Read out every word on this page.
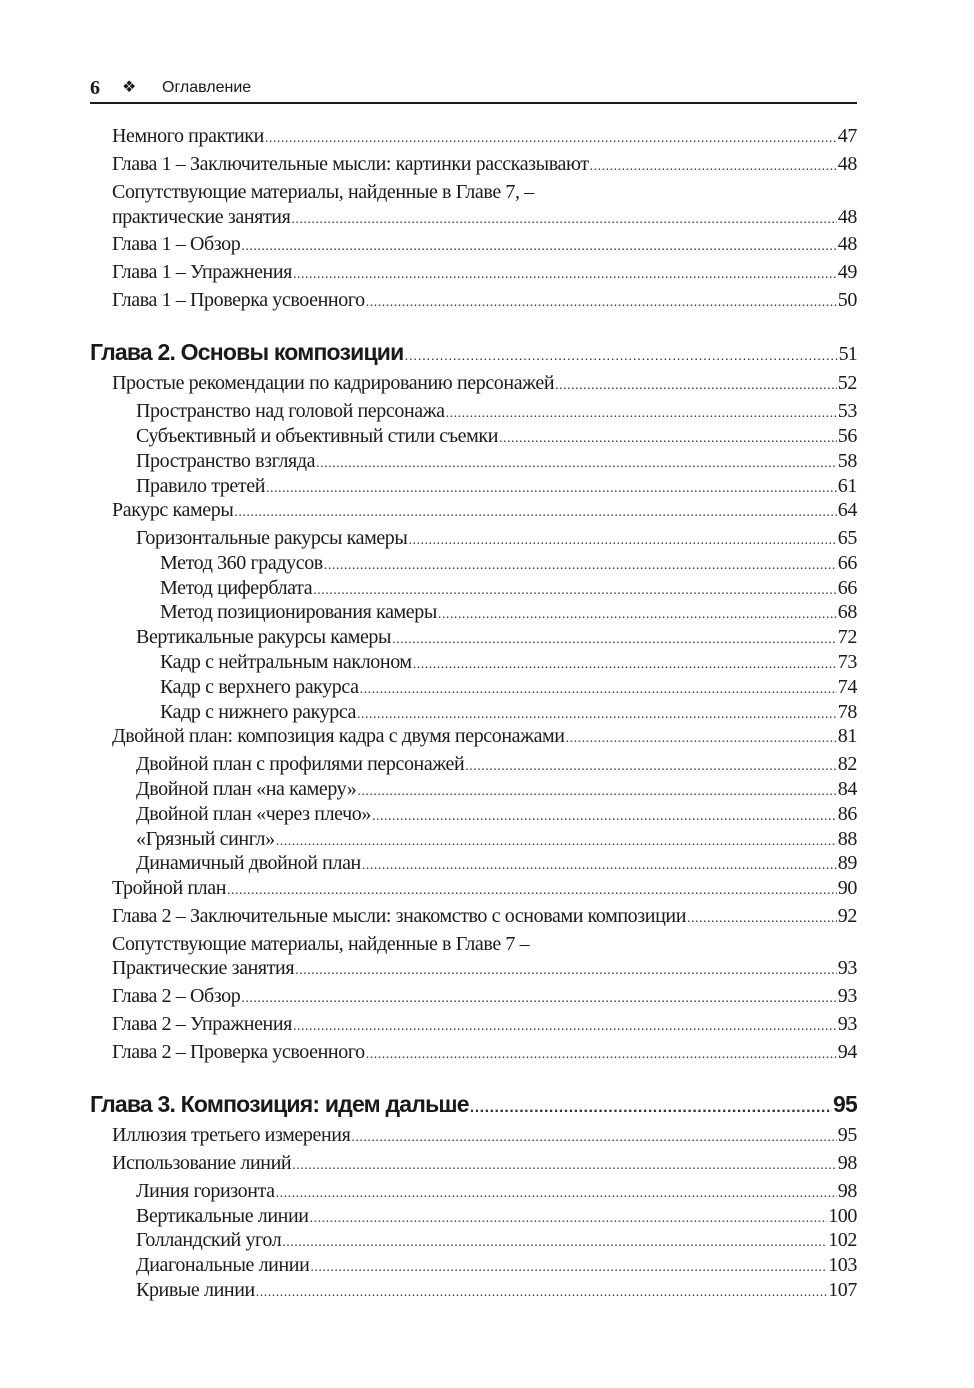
6 ❖ Оглавление
Немного практики .....	47
Глава 1 – Заключительные мысли: картинки рассказывают .....	48
Сопутствующие материалы, найденные в Главе 7, –
практические занятия .....	48
Глава 1 – Обзор .....	48
Глава 1 – Упражнения .....	49
Глава 1 – Проверка усвоенного .....	50
Глава 2. Основы композиции .....	51
Простые рекомендации по кадрированию персонажей .....	52
Пространство над головой персонажа .....	53
Субъективный и объективный стили съемки .....	56
Пространство взгляда .....	58
Правило третей .....	61
Ракурс камеры .....	64
Горизонтальные ракурсы камеры .....	65
Метод 360 градусов .....	66
Метод циферблата .....	66
Метод позиционирования камеры .....	68
Вертикальные ракурсы камеры .....	72
Кадр с нейтральным наклоном .....	73
Кадр с верхнего ракурса .....	74
Кадр с нижнего ракурса .....	78
Двойной план: композиция кадра с двумя персонажами .....	81
Двойной план с профилями персонажей .....	82
Двойной план «на камеру» .....	84
Двойной план «через плечо» .....	86
«Грязный сингл» .....	88
Динамичный двойной план .....	89
Тройной план .....	90
Глава 2 – Заключительные мысли: знакомство с основами композиции .....	92
Сопутствующие материалы, найденные в Главе 7 –
Практические занятия .....	93
Глава 2 – Обзор .....	93
Глава 2 – Упражнения .....	93
Глава 2 – Проверка усвоенного .....	94
Глава 3. Композиция: идем дальше .....	95
Иллюзия третьего измерения .....	95
Использование линий .....	98
Линия горизонта .....	98
Вертикальные линии .....	100
Голландский угол .....	102
Диагональные линии .....	103
Кривые линии .....	107
